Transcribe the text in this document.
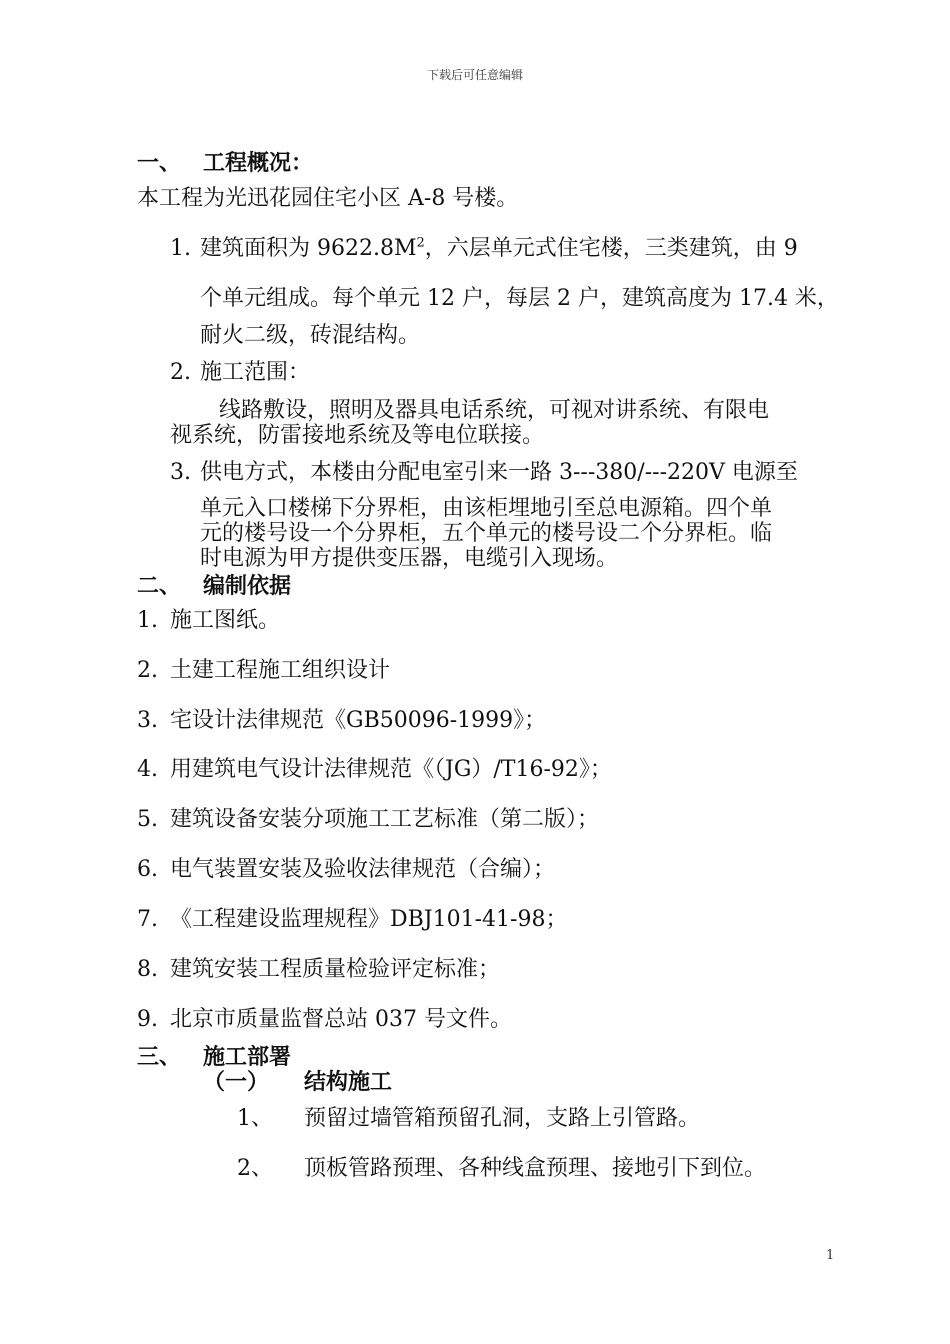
下载后可任意编辑
1
一、 工程概况：
本工程为光迅花园住宅小区 A-8 号楼。
1. 建筑面积为 $9622.8M^2$，六层单元式住宅楼，三类建筑，由 9
个单元组成。每个单元 12 户，每层 2 户，建筑高度为 17.4 米，
耐火二级，砖混结构。
2. 施工范围：
线路敷设，照明及器具电话系统，可视对讲系统、有限电
视系统，防雷接地系统及等电位联接。
3. 供电方式，本楼由分配电室引来一路 3---380/---220V 电源至
单元入口楼梯下分界柜，由该柜埋地引至总电源箱。四个单
元的楼号设一个分界柜，五个单元的楼号设二个分界柜。临
时电源为甲方提供变压器，电缆引入现场。
二、 编制依据
1. 施工图纸。
2. 土建工程施工组织设计
3. 宅设计法律规范《GB50096-1999》；
4. 用建筑电气设计法律规范《（JG）/T16-92》；
5. 建筑设备安装分项施工工艺标准（第二版）；
6. 电气装置安装及验收法律规范（合编）；
7. 《工程建设监理规程》DBJ101-41-98；
8. 建筑安装工程质量检验评定标准；
9. 北京市质量监督总站 037 号文件。
三、 施工部署
（一） 结构施工
1、 预留过墙管箱预留孔洞，支路上引管路。
2、 顶板管路预理、各种线盒预理、接地引下到位。
